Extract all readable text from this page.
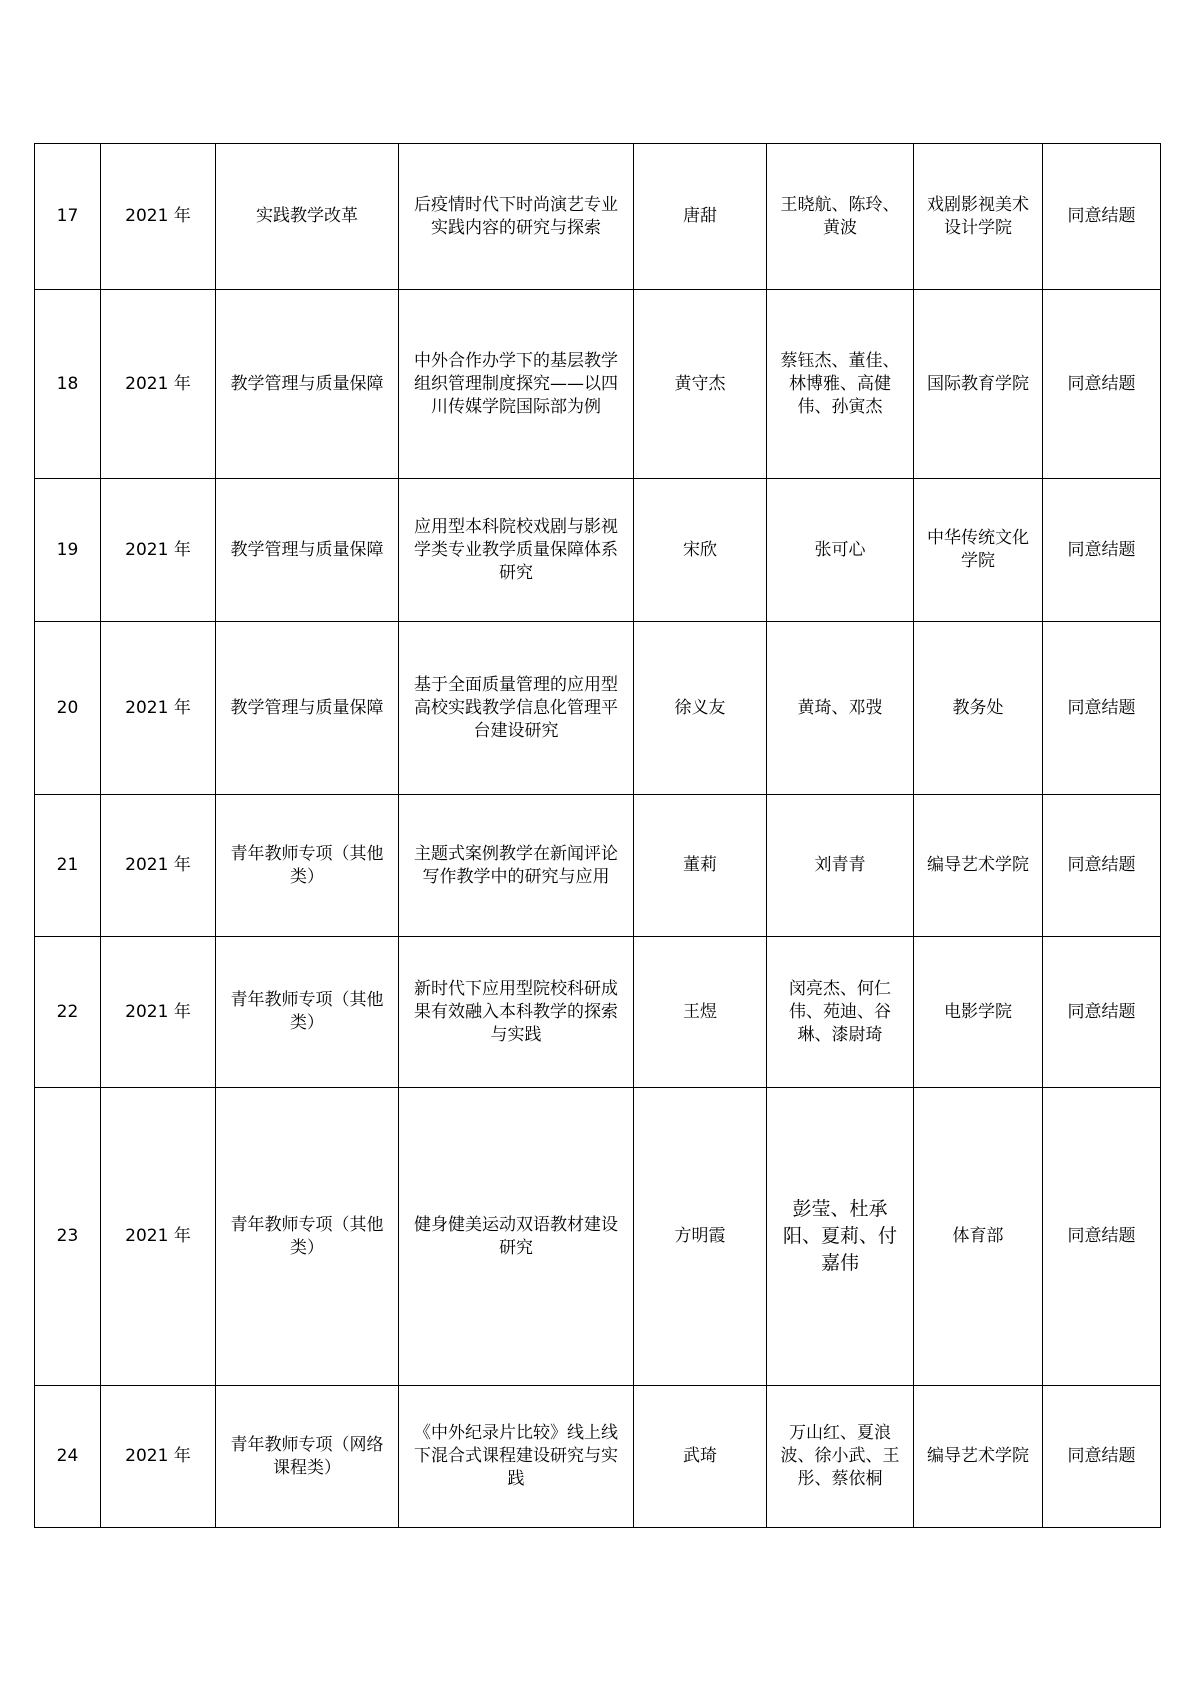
17	2021 年	实践教学改革	后疫情时代下时尚演艺专业实践内容的研究与探索	唐甜	王晓航、陈玲、黄波	戏剧影视美术设计学院	同意结题
18	2021 年	教学管理与质量保障	中外合作办学下的基层教学组织管理制度探究——以四川传媒学院国际部为例	黄守杰	蔡钰杰、董佳、林博雅、高健伟、孙寅杰	国际教育学院	同意结题
19	2021 年	教学管理与质量保障	应用型本科院校戏剧与影视学类专业教学质量保障体系研究	宋欣	张可心	中华传统文化学院	同意结题
20	2021 年	教学管理与质量保障	基于全面质量管理的应用型高校实践教学信息化管理平台建设研究	徐义友	黄琦、邓弢	教务处	同意结题
21	2021 年	青年教师专项（其他类）	主题式案例教学在新闻评论写作教学中的研究与应用	董莉	刘青青	编导艺术学院	同意结题
22	2021 年	青年教师专项（其他类）	新时代下应用型院校科研成果有效融入本科教学的探索与实践	王煜	闵亮杰、何仁伟、苑迪、谷琳、漆尉琦	电影学院	同意结题
23	2021 年	青年教师专项（其他类）	健身健美运动双语教材建设研究	方明霞	彭莹、杜承阳、夏莉、付嘉伟	体育部	同意结题
24	2021 年	青年教师专项（网络课程类）	《中外纪录片比较》线上线下混合式课程建设研究与实践	武琦	万山红、夏浪波、徐小武、王彤、蔡依桐	编导艺术学院	同意结题
